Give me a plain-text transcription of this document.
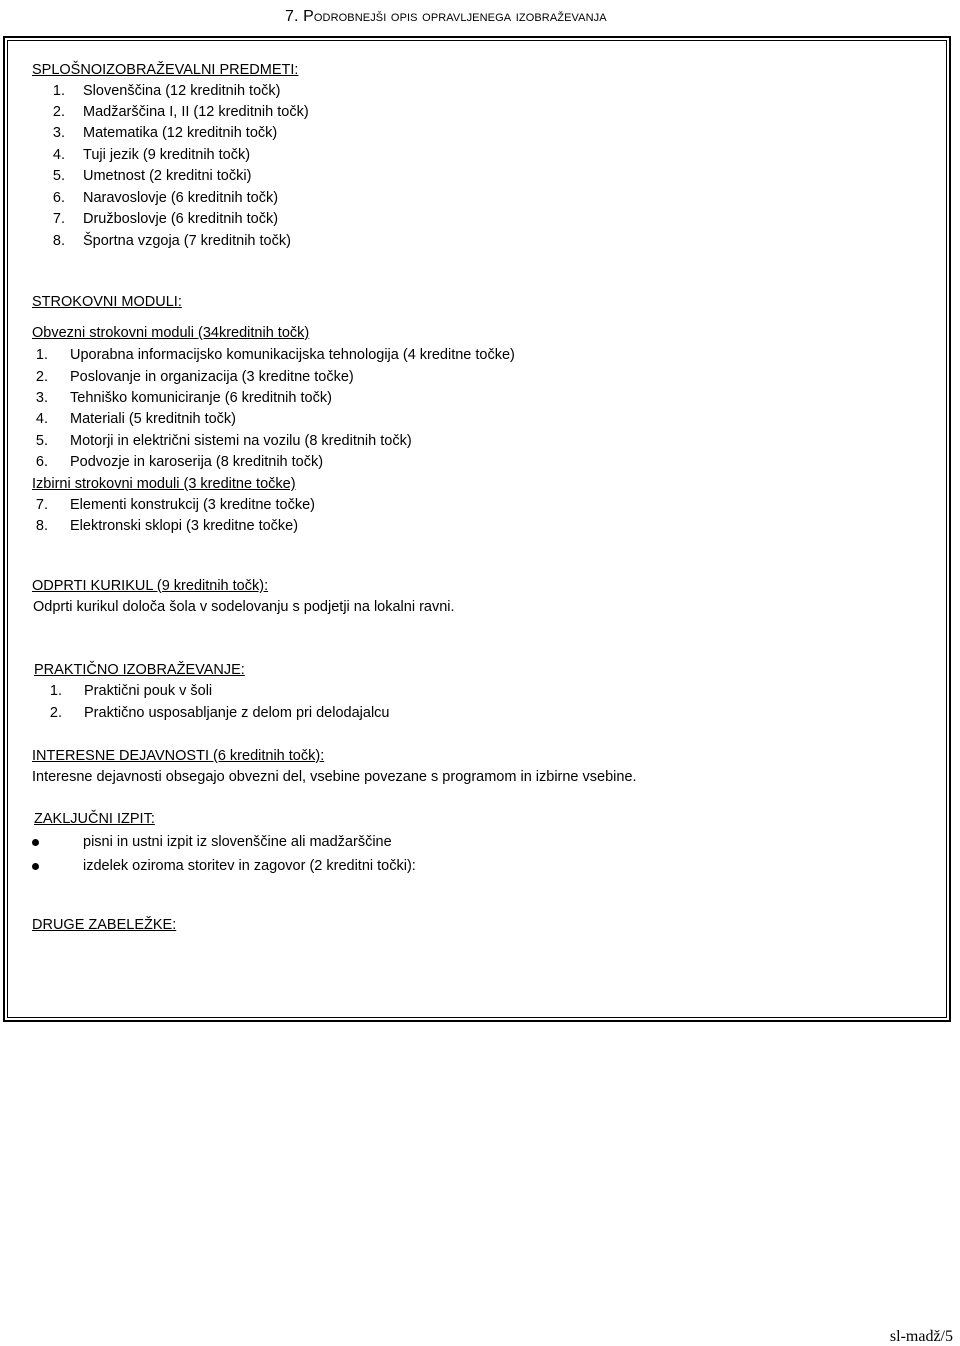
7. Podrobnejši opis opravljenega izobraževanja
SPLOŠNOIZOBRAŽEVALNI PREDMETI:
1. Slovenščina (12 kreditnih točk)
2. Madžarščina I, II (12 kreditnih točk)
3. Matematika (12 kreditnih točk)
4. Tuji jezik (9 kreditnih točk)
5. Umetnost (2 kreditni točki)
6. Naravoslovje (6 kreditnih točk)
7. Družboslovje (6 kreditnih točk)
8. Športna vzgoja (7 kreditnih točk)
STROKOVNI MODULI:
Obvezni strokovni moduli (34kreditnih točk)
1. Uporabna informacijsko komunikacijska tehnologija (4 kreditne točke)
2. Poslovanje in organizacija (3 kreditne točke)
3. Tehniško komuniciranje (6 kreditnih točk)
4. Materiali (5 kreditnih točk)
5. Motorji in električni sistemi na vozilu (8 kreditnih točk)
6. Podvozje in karoserija (8 kreditnih točk)
Izbirni strokovni moduli (3 kreditne točke)
7. Elementi konstrukcij (3 kreditne točke)
8. Elektronski sklopi (3 kreditne točke)
ODPRTI KURIKUL (9 kreditnih točk):
Odprti kurikul določa šola v sodelovanju s podjetji na lokalni ravni.
PRAKTIČNO IZOBRAŽEVANJE:
1. Praktični pouk v šoli
2. Praktično usposabljanje z delom pri delodajalcu
INTERESNE DEJAVNOSTI (6 kreditnih točk):
Interesne dejavnosti obsegajo obvezni del, vsebine povezane s programom in izbirne vsebine.
ZAKLJUČNI IZPIT:
pisni in ustni izpit iz slovenščine ali madžarščine
izdelek oziroma storitev in zagovor (2 kreditni točki):
DRUGE ZABELEŽKE:
sl-madž/5
